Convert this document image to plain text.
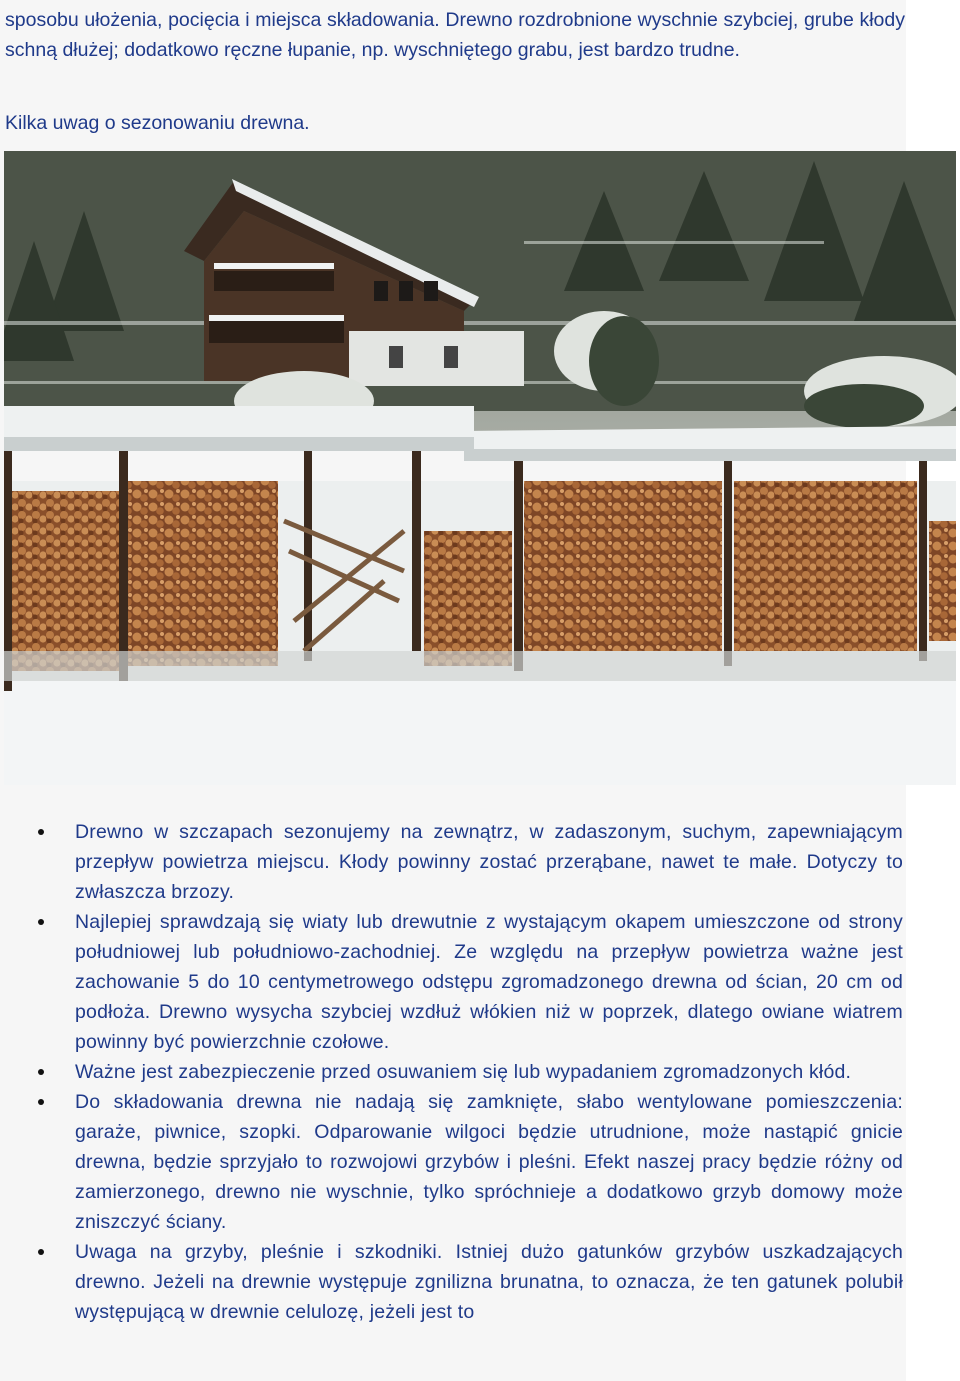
sposobu ułożenia, pocięcia i miejsca składowania. Drewno rozdrobnione wyschnie szybciej, grube kłody schną dłużej; dodatkowo ręczne łupanie, np. wyschniętego grabu, jest bardzo trudne.

Kilka uwag o sezonowaniu drewna.
Drewno w szczapach sezonujemy na zewnątrz, w zadaszonym, suchym, zapewniającym przepływ powietrza miejscu. Kłody powinny zostać przerąbane, nawet te małe. Dotyczy to zwłaszcza brzozy.
Najlepiej sprawdzają się wiaty lub drewutnie z wystającym okapem umieszczone od strony południowej lub południowo-zachodniej. Ze względu na przepływ powietrza ważne jest zachowanie 5 do 10 centymetrowego odstępu zgromadzonego drewna od ścian, 20 cm od podłoża. Drewno wysycha szybciej wzdłuż włókien niż w poprzek, dlatego owiane wiatrem powinny być powierzchnie czołowe.
Ważne jest zabezpieczenie przed osuwaniem się lub wypadaniem zgromadzonych kłód.
Do składowania drewna nie nadają się zamknięte, słabo wentylowane pomieszczenia: garaże, piwnice, szopki. Odparowanie wilgoci będzie utrudnione, może nastąpić gnicie drewna, będzie sprzyjało to rozwojowi grzybów i pleśni. Efekt naszej pracy będzie różny od zamierzonego, drewno nie wyschnie, tylko spróchnieje a dodatkowo grzyb domowy może zniszczyć ściany.
Uwaga na grzyby, pleśnie i szkodniki. Istniej dużo gatunków grzybów uszkadzających drewno. Jeżeli na drewnie występuje zgnilizna brunatna, to oznacza, że ten gatunek polubił występującą w drewnie celulozę, jeżeli jest to
